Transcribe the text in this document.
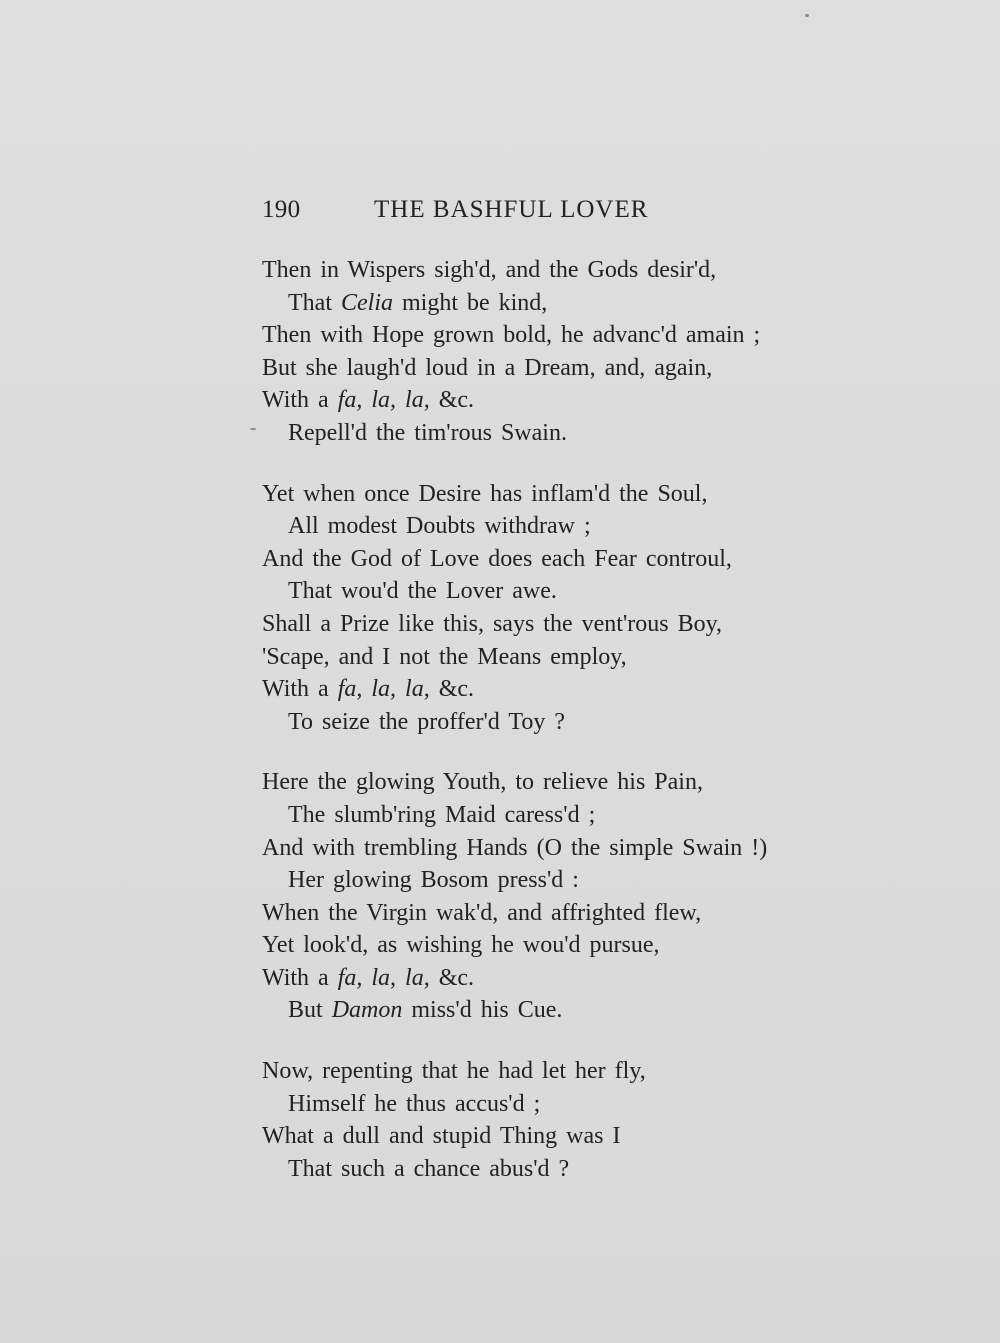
190	THE BASHFUL LOVER
Then in Wispers sigh'd, and the Gods desir'd,
That Celia might be kind,
Then with Hope grown bold, he advanc'd amain ;
But she laugh'd loud in a Dream, and, again,
With a fa, la, la, &c.
Repell'd the tim'rous Swain.
Yet when once Desire has inflam'd the Soul,
All modest Doubts withdraw ;
And the God of Love does each Fear controul,
That wou'd the Lover awe.
Shall a Prize like this, says the vent'rous Boy,
'Scape, and I not the Means employ,
With a fa, la, la, &c.
To seize the proffer'd Toy ?
Here the glowing Youth, to relieve his Pain,
The slumb'ring Maid caress'd ;
And with trembling Hands (O the simple Swain !)
Her glowing Bosom press'd :
When the Virgin wak'd, and affrighted flew,
Yet look'd, as wishing he wou'd pursue,
With a fa, la, la, &c.
But Damon miss'd his Cue.
Now, repenting that he had let her fly,
Himself he thus accus'd ;
What a dull and stupid Thing was I
That such a chance abus'd ?
